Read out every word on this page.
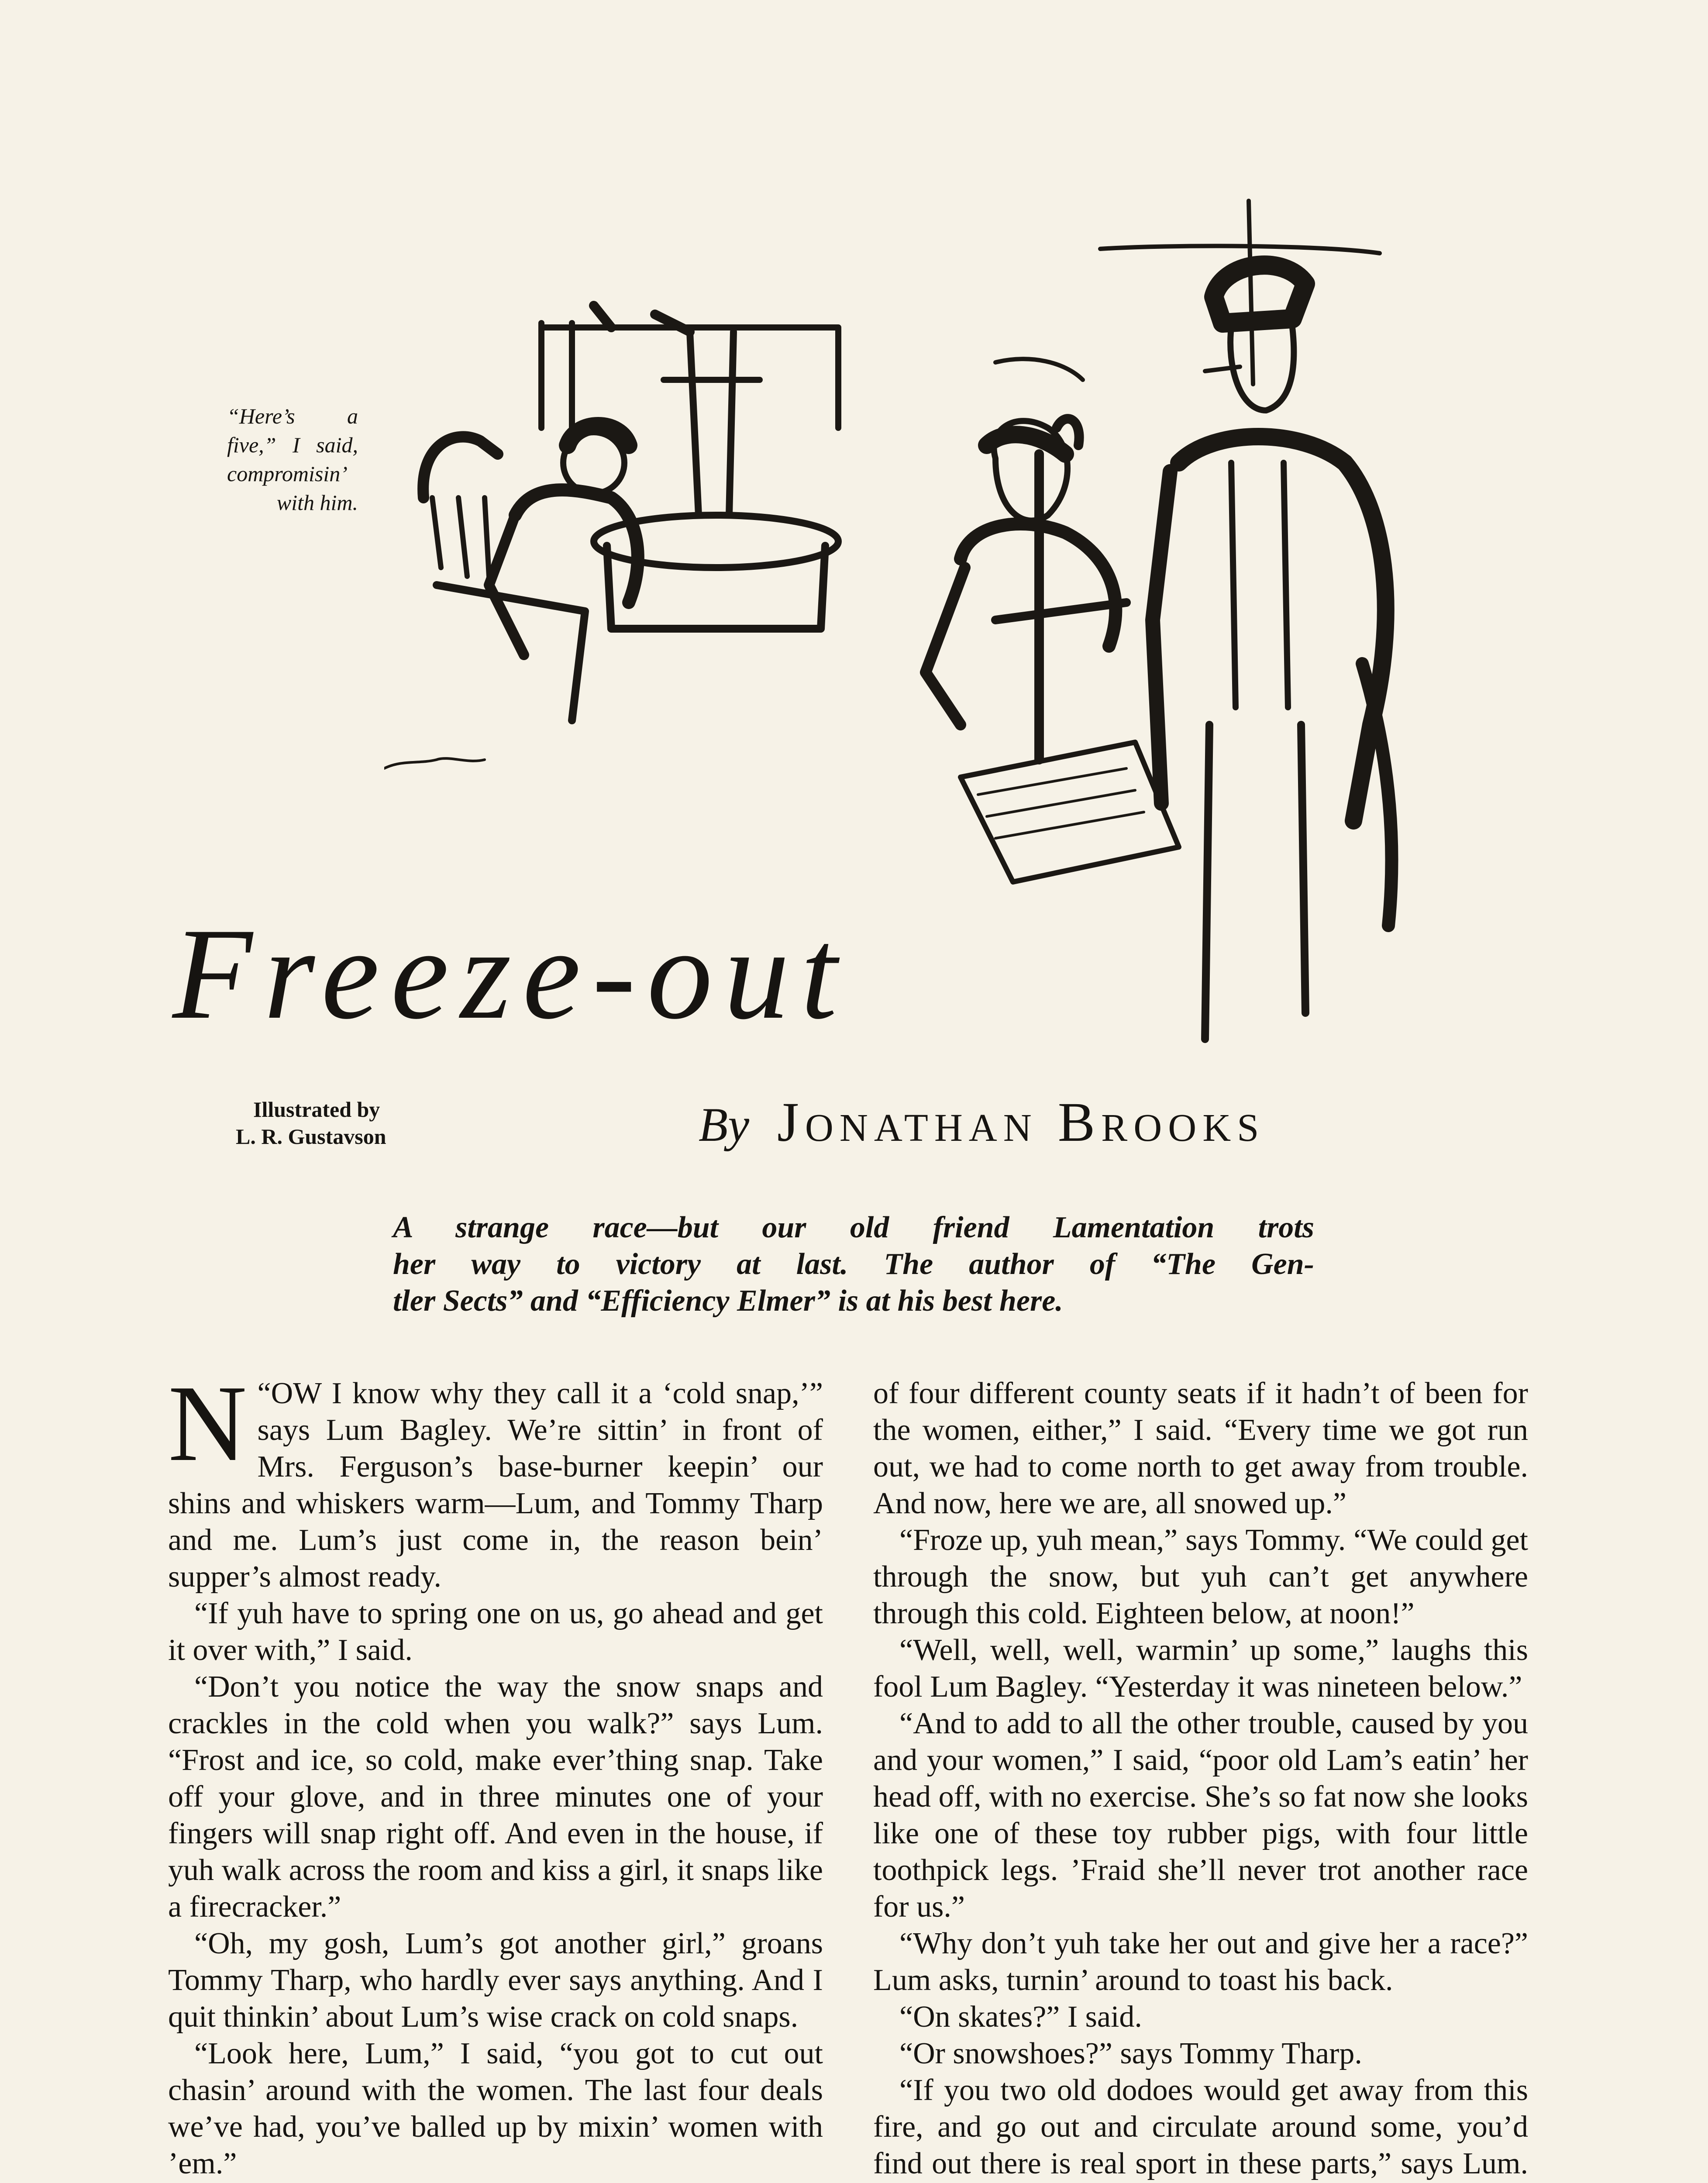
“Here’s a five,” I said, compromisin’ with him.
Freeze-out
Illustrated by
L. R. Gustavson	By Jonathan Brooks
A strange race—but our old friend Lamentation trots
her way to victory at last. The author of “The Gen-
tler Sects” and “Efficiency Elmer” is at his best here.

“
N OW I know why they call it a ‘cold snap,’” says Lum Bagley. We’re sittin’ in front of Mrs. Ferguson’s base-burner keepin’ our shins and whiskers warm—Lum, and Tommy Tharp and me. Lum’s just come in, the reason bein’ supper’s almost ready.

“If yuh have to spring one on us, go ahead and get it over with,” I said.

“Don’t you notice the way the snow snaps and crackles in the cold when you walk?” says Lum. “Frost and ice, so cold, make ever’thing snap. Take off your glove, and in three minutes one of your fingers will snap right off. And even in the house, if yuh walk across the room and kiss a girl, it snaps like a firecracker.”

“Oh, my gosh, Lum’s got another girl,” groans Tommy Tharp, who hardly ever says anything. And I quit thinkin’ about Lum’s wise crack on cold snaps.

“Look here, Lum,” I said, “you got to cut out chasin’ around with the women. The last four deals we’ve had, you’ve balled up by mixin’ women with ’em.”

of four different county seats if it hadn’t of been for the women, either,” I said. “Every time we got run out, we had to come north to get away from trouble. And now, here we are, all snowed up.”

“Froze up, yuh mean,” says Tommy. “We could get through the snow, but yuh can’t get anywhere through this cold. Eighteen below, at noon!”

“Well, well, well, warmin’ up some,” laughs this fool Lum Bagley. “Yesterday it was nineteen below.”

“And to add to all the other trouble, caused by you and your women,” I said, “poor old Lam’s eatin’ her head off, with no exercise. She’s so fat now she looks like one of these toy rubber pigs, with four little toothpick legs. ’Fraid she’ll never trot another race for us.”

“Why don’t yuh take her out and give her a race?” Lum asks, turnin’ around to toast his back.

“On skates?” I said.

“Or snowshoes?” says Tommy Tharp.

“If you two old dodoes would get away from this fire, and go out and circulate around some, you’d find out there is real sport in these parts,” says Lum.
